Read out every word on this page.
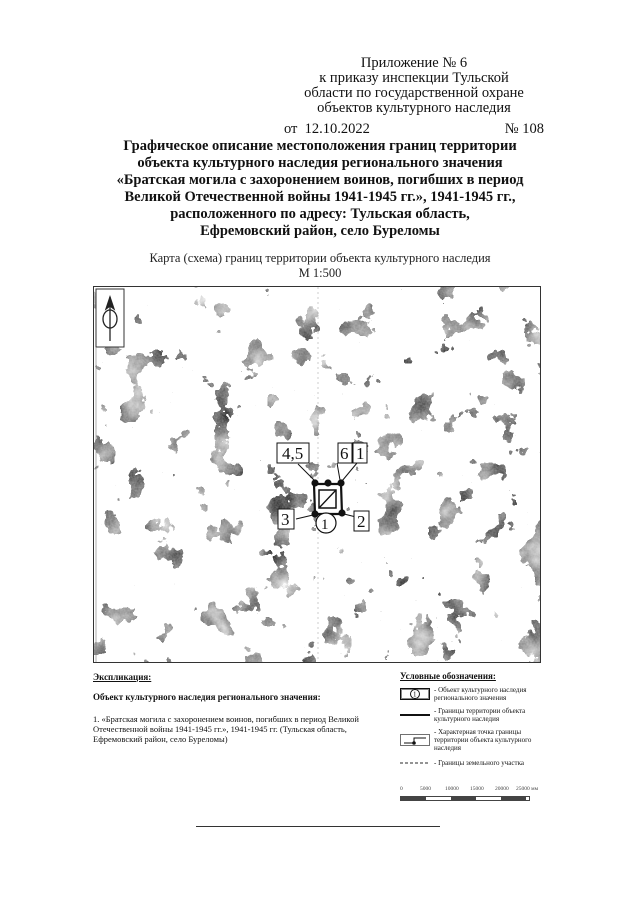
Приложение № 6
к приказу инспекции Тульской
области по государственной охране
объектов культурного наследия
от 12.10.2022	№ 108
Графическое описание местоположения границ территории
объекта культурного наследия регионального значения
«Братская могила с захоронением воинов, погибших в период
Великой Отечественной войны 1941-1945 гг.», 1941-1945 гг.,
расположенного по адресу: Тульская область,
Ефремовский район, село Буреломы
Карта (схема) границ территории объекта культурного наследия
М 1:500
4,5 6 1
2
3 1
Экспликация:
Объект культурного наследия регионального значения:
1. «Братская могила с захоронением воинов, погибших в период Великой Отечественной войны 1941-1945 гг.», 1941-1945 гг. (Тульская область, Ефремовский район, село Буреломы)
Условные обозначения:
1
- Объект культурного наследия регионального значения
- Границы территории объекта культурного наследия
- Характерная точка границы территории объекта культурного наследия
- Границы земельного участка
0	5000	10000 15000 20000 25000 мм
